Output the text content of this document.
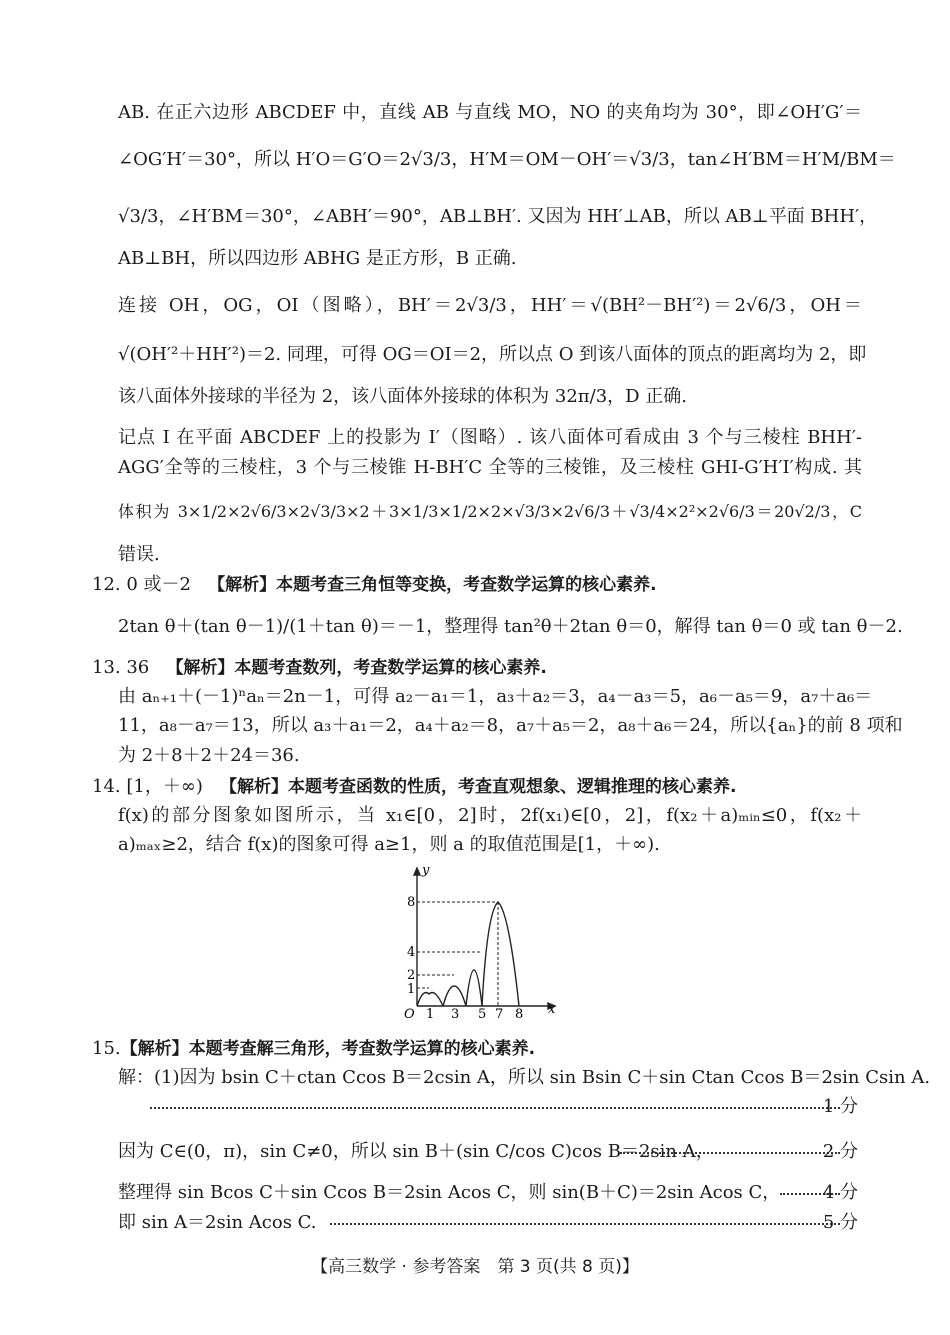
AB. 在正六边形 ABCDEF 中，直线 AB 与直线 MO，NO 的夹角均为 30°，即∠OH′G′＝
∠OG′H′＝30°，所以 H′O＝G′O＝2√3/3，H′M＝OM－OH′＝√3/3，tan∠H′BM＝H′M/BM＝
√3/3，∠H′BM＝30°，∠ABH′＝90°，AB⊥BH′. 又因为 HH′⊥AB，所以 AB⊥平面 BHH′，
AB⊥BH，所以四边形 ABHG 是正方形，B 正确.
连接 OH，OG，OI（图略），BH′＝2√3/3，HH′＝√(BH²－BH′²)＝2√6/3，OH＝
√(OH′²＋HH′²)＝2. 同理，可得 OG＝OI＝2，所以点 O 到该八面体的顶点的距离均为 2，即
该八面体外接球的半径为 2，该八面体外接球的体积为 32π/3，D 正确.
记点 I 在平面 ABCDEF 上的投影为 I′（图略）. 该八面体可看成由 3 个与三棱柱 BHH′-
AGG′全等的三棱柱，3 个与三棱锥 H-BH′C 全等的三棱锥，及三棱柱 GHI-G′H′I′构成. 其
体积为 3×1/2×2√6/3×2√3/3×2＋3×1/3×1/2×2×√3/3×2√6/3＋√3/4×2²×2√6/3＝20√2/3，C
错误.
12. 0 或－2 【解析】本题考查三角恒等变换，考查数学运算的核心素养.
2tan θ＋(tan θ－1)/(1＋tan θ)＝－1，整理得 tan²θ＋2tan θ＝0，解得 tan θ＝0 或 tan θ－2.
13. 36 【解析】本题考查数列，考查数学运算的核心素养.
由 aₙ₊₁＋(－1)ⁿaₙ＝2n－1，可得 a₂－a₁＝1，a₃＋a₂＝3，a₄－a₃＝5，a₆－a₅＝9，a₇＋a₆＝
11，a₈－a₇＝13，所以 a₃＋a₁＝2，a₄＋a₂＝8，a₇＋a₅＝2，a₈＋a₆＝24，所以{aₙ}的前 8 项和
为 2＋8＋2＋24＝36.
14. [1，＋∞) 【解析】本题考查函数的性质，考查直观想象、逻辑推理的核心素养.
f(x)的部分图象如图所示，当 x₁∈[0，2]时，2f(x₁)∈[0，2]，f(x₂＋a)ₘᵢₙ≤0，f(x₂＋
a)ₘₐₓ≥2，结合 f(x)的图象可得 a≥1，则 a 的取值范围是[1，＋∞).
y
x
O
8
4
2
1
1 3 5 7 8
15.【解析】本题考查解三角形，考查数学运算的核心素养.
解：(1)因为 bsin C＋ctan Ccos B＝2csin A，所以 sin Bsin C＋sin Ctan Ccos B＝2sin Csin A.
1 分
因为 C∈(0，π)，sin C≠0，所以 sin B＋(sin C/cos C)cos B＝2sin A，	2 分
整理得 sin Bcos C＋sin Ccos B＝2sin Acos C，则 sin(B＋C)＝2sin Acos C， 4 分
即 sin A＝2sin Acos C.	5 分
【高三数学 · 参考答案　第 3 页(共 8 页)】
